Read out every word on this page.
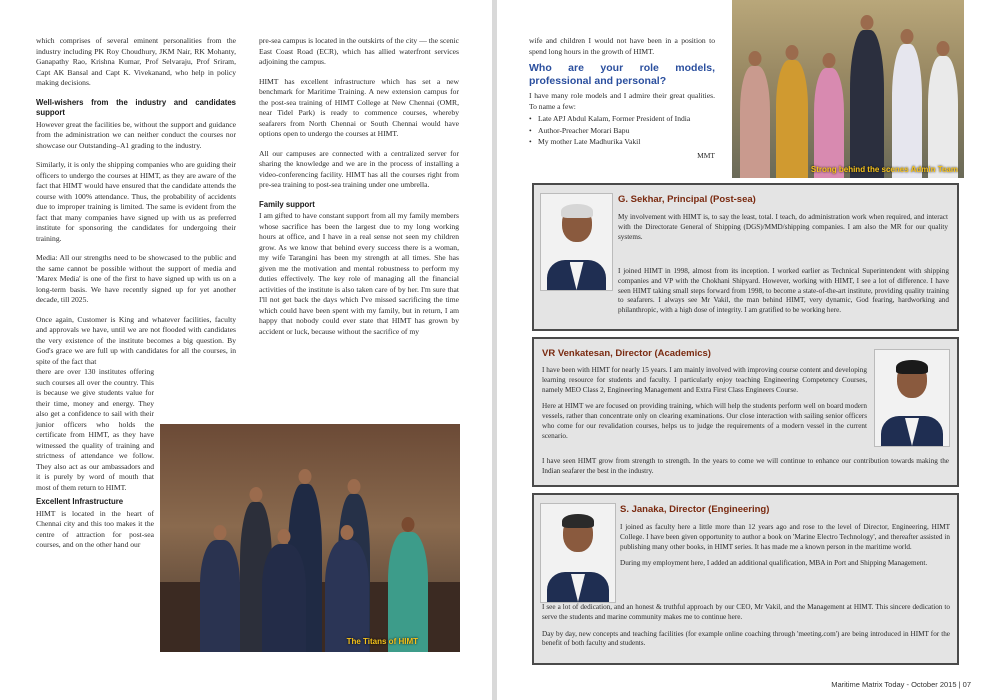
which comprises of several eminent personalities from the industry including PK Roy Choudhury, JKM Nair, RK Mohanty, Ganapathy Rao, Krishna Kumar, Prof Selvaraju, Prof Sriram, Capt AK Bansal and Capt K. Vivekanand, who help in policy making decisions.

Well-wishers from the industry and candidates support

However great the facilities be, without the support and guidance from the administration we can neither conduct the courses nor showcase our Outstanding–A1 grading to the industry.

Similarly, it is only the shipping companies who are guiding their officers to undergo the courses at HIMT, as they are aware of the fact that HIMT would have ensured that the candidate attends the course with 100% attendance. Thus, the probability of accidents due to improper training is limited. The same is evident from the fact that many companies have signed up with us as preferred institute for sponsoring the candidates for undergoing their training.

Media: All our strengths need to be showcased to the public and the same cannot be possible without the support of media and 'Marex Media' is one of the first to have signed up with us on a long-term basis. We have recently signed up for yet another decade, till 2025.

Once again, Customer is King and whatever facilities, faculty and approvals we have, until we are not flooded with candidates the very existence of the institute becomes a big question. By God's grace we are full up with candidates for all the courses, in spite of the fact that

there are over 130 institutes offering such courses all over the country. This is because we give students value for their time, money and energy. They also get a confidence to sail with their junior officers who holds the certificate from HIMT, as they have witnessed the quality of training and strictness of attendance we follow. They also act as our ambassadors and it is purely by word of mouth that most of them return to HIMT.

Excellent Infrastructure

HIMT is located in the heart of Chennai city and this too makes it the centre of attraction for post-sea courses, and on the other hand our

pre-sea campus is located in the outskirts of the city — the scenic East Coast Road (ECR), which has allied waterfront services adjoining the campus.

HIMT has excellent infrastructure which has set a new benchmark for Maritime Training. A new extension campus for the post-sea training of HIMT College at New Chennai (OMR, near Tidel Park) is ready to commence courses, whereby seafarers from North Chennai or South Chennai would have options open to undergo the courses at HIMT.

All our campuses are connected with a centralized server for sharing the knowledge and we are in the process of installing a video-conferencing facility. HIMT has all the courses right from pre-sea training to post-sea training under one umbrella.

Family support

I am gifted to have constant support from all my family members whose sacrifice has been the largest due to my long working hours at office, and I have in a real sense not seen my children grow. As we know that behind every success there is a woman, my wife Tarangini has been my strength at all times. She has given me the motivation and mental robustness to perform my duties effectively. The key role of managing all the financial activities of the institute is also taken care of by her. I'm sure that I'll not get back the days which I've missed sacrificing the time which could have been spent with my family, but in return, I am happy that nobody could ever state that HIMT has grown by accident or luck, because without the sacrifice of my

The Titans of HIMT

wife and children I would not have been in a position to spend long hours in the growth of HIMT.

Who are your role models, professional and personal?

I have many role models and I admire their great qualities. To name a few:

• Late APJ Abdul Kalam, Former President of India
• Author-Preacher Morari Bapu
• My mother Late Madhurika Vakil
MMT
Strong behind the scenes Admin Team
G. Sekhar, Principal (Post-sea)

My involvement with HIMT is, to say the least, total. I teach, do administration work when required, and interact with the Directorate General of Shipping (DGS)/MMD/shipping companies. I am also the MR for our quality systems.

I joined HIMT in 1998, almost from its inception. I worked earlier as Technical Superintendent with shipping companies and VP with the Chokhani Shipyard. However, working with HIMT, I see a lot of difference. I have seen HIMT taking small steps forward from 1998, to become a state-of-the-art institute, providing quality training to seafarers. I always see Mr Vakil, the man behind HIMT, very dynamic, God fearing, hardworking and philanthropic, with a high dose of integrity. I am gratified to be working here.

VR Venkatesan, Director (Academics)

I have been with HIMT for nearly 15 years. I am mainly involved with improving course content and developing learning resource for students and faculty. I particularly enjoy teaching Engineering Competency Courses, namely MEO Class 2, Engineering Management and Extra First Class Engineers Course.

Here at HIMT we are focused on providing training, which will help the students perform well on board modern vessels, rather than concentrate only on clearing examinations. Our close interaction with sailing senior officers who come for our revalidation courses, helps us to judge the requirements of a modern vessel in the current scenario.

I have seen HIMT grow from strength to strength. In the years to come we will continue to enhance our contribution towards making the Indian seafarer the best in the industry.

S. Janaka, Director (Engineering)

I joined as faculty here a little more than 12 years ago and rose to the level of Director, Engineering, HIMT College. I have been given opportunity to author a book on 'Marine Electro Technology', and thereafter assisted in publishing many other books, in HIMT series. It has made me a known person in the maritime world.

During my employment here, I added an additional qualification, MBA in Port and Shipping Management.

I see a lot of dedication, and an honest & truthful approach by our CEO, Mr Vakil, and the Management at HIMT. This sincere dedication to serve the students and marine community makes me to continue here.

Day by day, new concepts and teaching facilities (for example online coaching through 'meeting.com') are being introduced in HIMT for the benefit of both faculty and students.

Maritime Matrix Today - October 2015 | 07
